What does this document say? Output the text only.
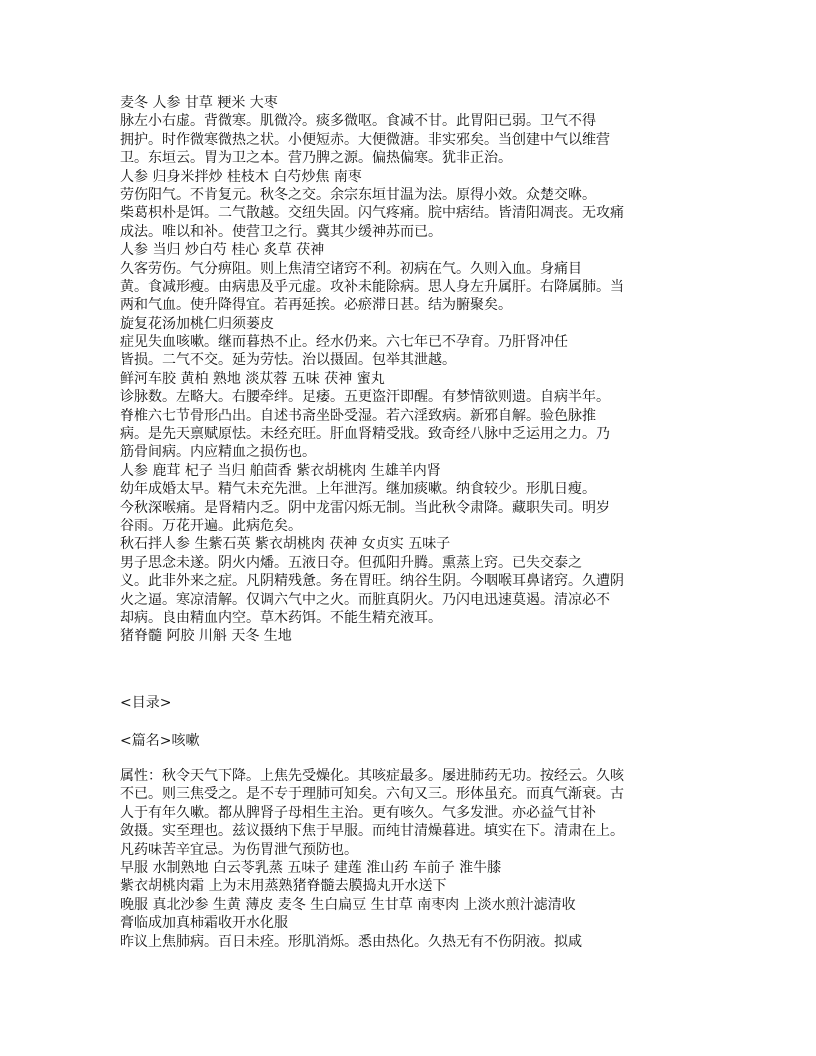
麦冬 人参 甘草 粳米 大枣
脉左小右虚。背微寒。肌微冷。痰多微呕。食减不甘。此胃阳已弱。卫气不得
拥护。时作微寒微热之状。小便短赤。大便微溏。非实邪矣。当创建中气以维营
卫。东垣云。胃为卫之本。营乃脾之源。偏热偏寒。犹非正治。
人参 归身米拌炒 桂枝木 白芍炒焦 南枣
劳伤阳气。不肯复元。秋冬之交。余宗东垣甘温为法。原得小效。众楚交咻。
柴葛枳朴是饵。二气散越。交纽失固。闪气疼痛。脘中痞结。皆清阳凋丧。无攻痛
成法。唯以和补。使营卫之行。冀其少缓神苏而已。
人参 当归 炒白芍 桂心 炙草 茯神
久客劳伤。气分痹阻。则上焦清空诸窍不利。初病在气。久则入血。身痛目
黄。食减形瘦。由病患及乎元虚。攻补未能除病。思人身左升属肝。右降属肺。当
两和气血。使升降得宜。若再延挨。必瘀滞日甚。结为腑聚矣。
旋复花汤加桃仁归须蒌皮
症见失血咳嗽。继而暮热不止。经水仍来。六七年已不孕育。乃肝肾冲任
皆损。二气不交。延为劳怯。治以摄固。包举其泄越。
鲜河车胶 黄柏 熟地 淡苁蓉 五味 茯神 蜜丸
诊脉数。左略大。右腰牵绊。足痿。五更盗汗即醒。有梦情欲则遗。自病半年。
脊椎六七节骨形凸出。自述书斋坐卧受湿。若六淫致病。新邪自解。验色脉推
病。是先天禀赋原怯。未经充旺。肝血肾精受戕。致奇经八脉中乏运用之力。乃
筋骨间病。内应精血之损伤也。
人参 鹿茸 杞子 当归 舶茴香 紫衣胡桃肉 生雄羊内肾
幼年成婚太早。精气未充先泄。上年泄泻。继加痰嗽。纳食较少。形肌日瘦。
今秋深喉痛。是肾精内乏。阴中龙雷闪烁无制。当此秋令肃降。藏职失司。明岁
谷雨。万花开遍。此病危矣。
秋石拌人参 生紫石英 紫衣胡桃肉 茯神 女贞实 五味子
男子思念未遂。阴火内燔。五液日夺。但孤阳升腾。熏蒸上窍。已失交泰之
义。此非外来之症。凡阴精残惫。务在胃旺。纳谷生阴。今咽喉耳鼻诸窍。久遭阴
火之逼。寒凉清解。仅调六气中之火。而脏真阴火。乃闪电迅速莫遏。清凉必不
却病。良由精血内空。草木药饵。不能生精充液耳。
猪脊髓 阿胶 川斛 天冬 生地
<目录>
<篇名>咳嗽
属性：秋令天气下降。上焦先受燥化。其咳症最多。屡进肺药无功。按经云。久咳
不已。则三焦受之。是不专于理肺可知矣。六旬又三。形体虽充。而真气渐衰。古
人于有年久嗽。都从脾肾子母相生主治。更有咳久。气多发泄。亦必益气甘补
敛摄。实至理也。兹议摄纳下焦于早服。而纯甘清燥暮进。填实在下。清肃在上。
凡药味苦辛宜忌。为伤胃泄气预防也。
早服 水制熟地 白云苓乳蒸 五味子 建莲 淮山药 车前子 淮牛膝
紫衣胡桃肉霜 上为末用蒸熟猪脊髓去膜捣丸开水送下
晚服 真北沙参 生黄 薄皮 麦冬 生白扁豆 生甘草 南枣肉 上淡水煎汁滤清收
膏临成加真柿霜收开水化服
昨议上焦肺病。百日未痊。形肌消烁。悉由热化。久热无有不伤阴液。拟咸
